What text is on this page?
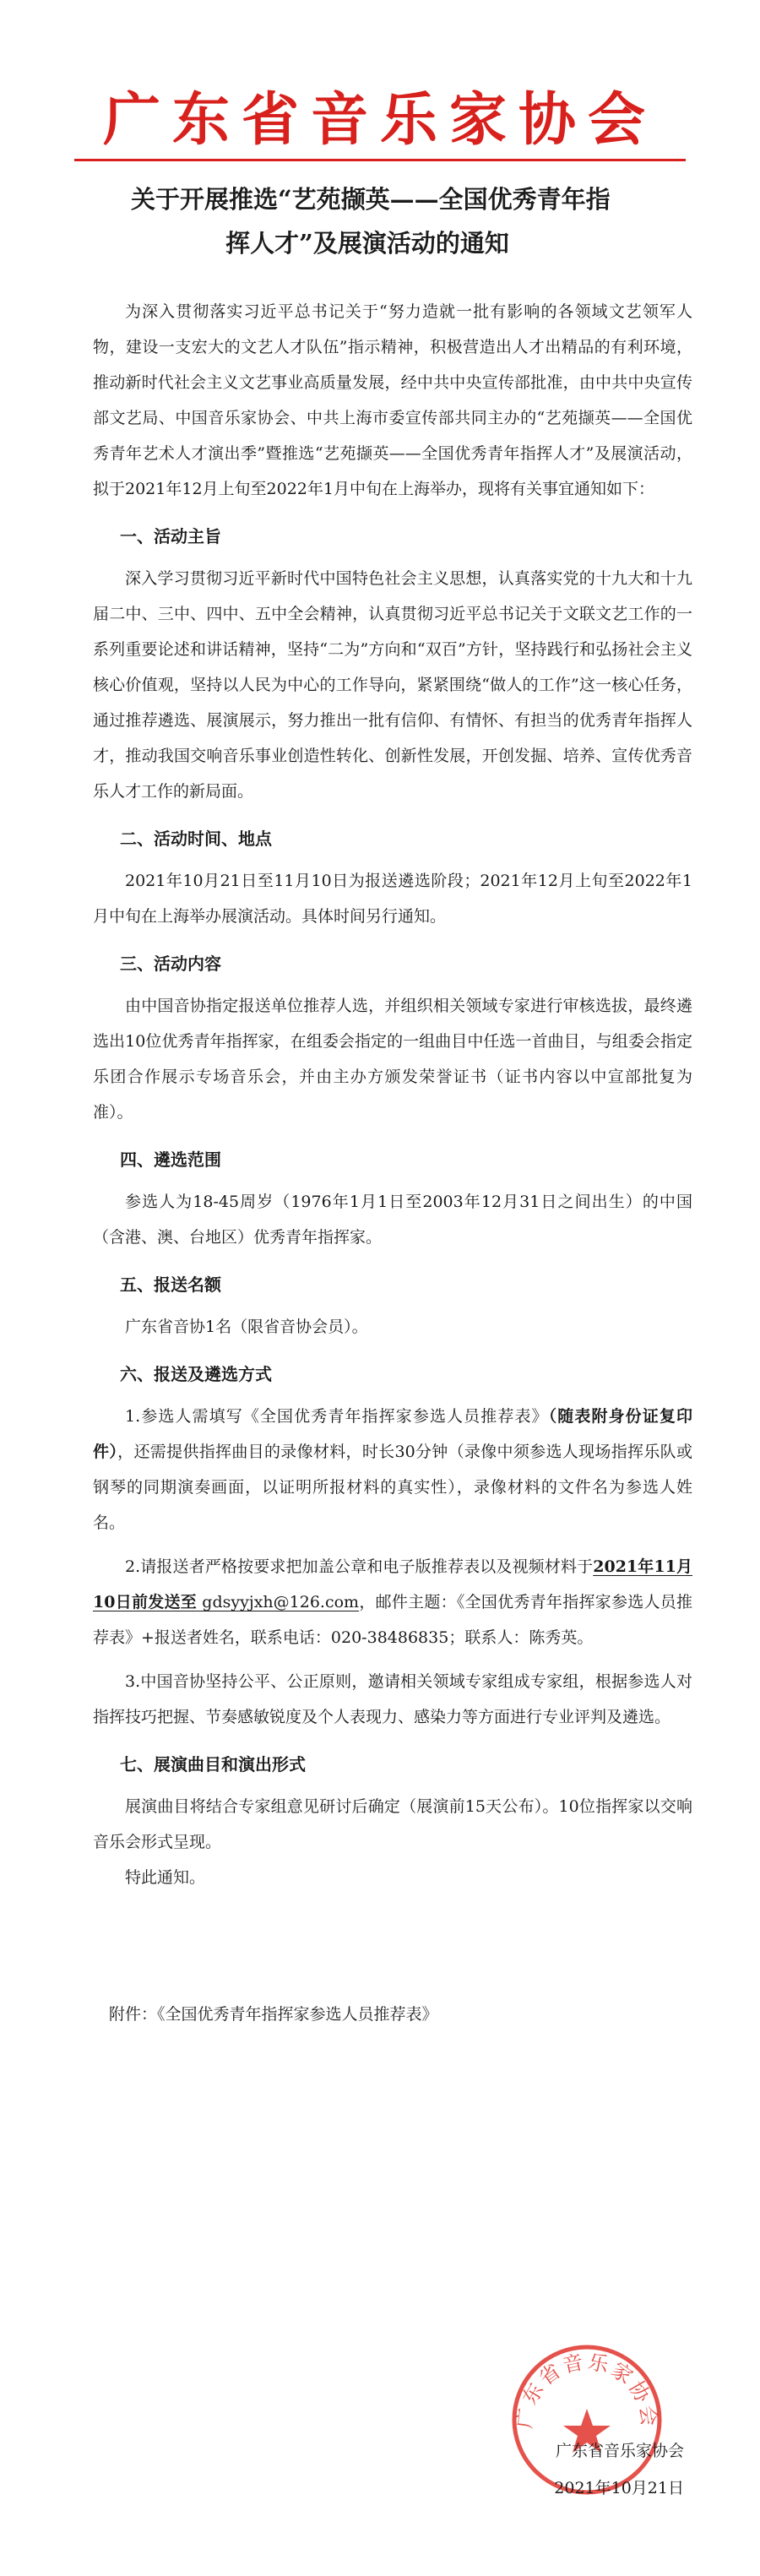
广东省音乐家协会
关于开展推选“艺苑撷英——全国优秀青年指
挥人才”及展演活动的通知

为深入贯彻落实习近平总书记关于“努力造就一批有影响的各领域文艺领军人物，建设一支宏大的文艺人才队伍”指示精神，积极营造出人才出精品的有利环境，推动新时代社会主义文艺事业高质量发展，经中共中央宣传部批准，由中共中央宣传部文艺局、中国音乐家协会、中共上海市委宣传部共同主办的“艺苑撷英——全国优秀青年艺术人才演出季”暨推选“艺苑撷英——全国优秀青年指挥人才”及展演活动，拟于2021年12月上旬至2022年1月中旬在上海举办，现将有关事宜通知如下：

一、活动主旨

深入学习贯彻习近平新时代中国特色社会主义思想，认真落实党的十九大和十九届二中、三中、四中、五中全会精神，认真贯彻习近平总书记关于文联文艺工作的一系列重要论述和讲话精神，坚持“二为”方向和“双百”方针，坚持践行和弘扬社会主义核心价值观，坚持以人民为中心的工作导向，紧紧围绕“做人的工作”这一核心任务，通过推荐遴选、展演展示，努力推出一批有信仰、有情怀、有担当的优秀青年指挥人才，推动我国交响音乐事业创造性转化、创新性发展，开创发掘、培养、宣传优秀音乐人才工作的新局面。

二、活动时间、地点

2021年10月21日至11月10日为报送遴选阶段；2021年12月上旬至2022年1月中旬在上海举办展演活动。具体时间另行通知。

三、活动内容

由中国音协指定报送单位推荐人选，并组织相关领域专家进行审核选拔，最终遴选出10位优秀青年指挥家，在组委会指定的一组曲目中任选一首曲目，与组委会指定乐团合作展示专场音乐会，并由主办方颁发荣誉证书（证书内容以中宣部批复为准）。

四、遴选范围

参选人为18-45周岁（1976年1月1日至2003年12月31日之间出生）的中国（含港、澳、台地区）优秀青年指挥家。

五、报送名额

广东省音协1名（限省音协会员）。

六、报送及遴选方式

1.参选人需填写《全国优秀青年指挥家参选人员推荐表》（随表附身份证复印件），还需提供指挥曲目的录像材料，时长30分钟（录像中须参选人现场指挥乐队或钢琴的同期演奏画面，以证明所报材料的真实性），录像材料的文件名为参选人姓名。

2.请报送者严格按要求把加盖公章和电子版推荐表以及视频材料于2021年11月10日前发送至 gdsyyjxh@126.com，邮件主题：《全国优秀青年指挥家参选人员推荐表》+报送者姓名，联系电话：020-38486835；联系人：陈秀英。

3.中国音协坚持公平、公正原则，邀请相关领域专家组成专家组，根据参选人对指挥技巧把握、节奏感敏锐度及个人表现力、感染力等方面进行专业评判及遴选。

七、展演曲目和演出形式

展演曲目将结合专家组意见研讨后确定（展演前15天公布）。10位指挥家以交响音乐会形式呈现。

特此通知。

附件：《全国优秀青年指挥家参选人员推荐表》

广东省音乐家协会
广东省音乐家协会
2021年10月21日
